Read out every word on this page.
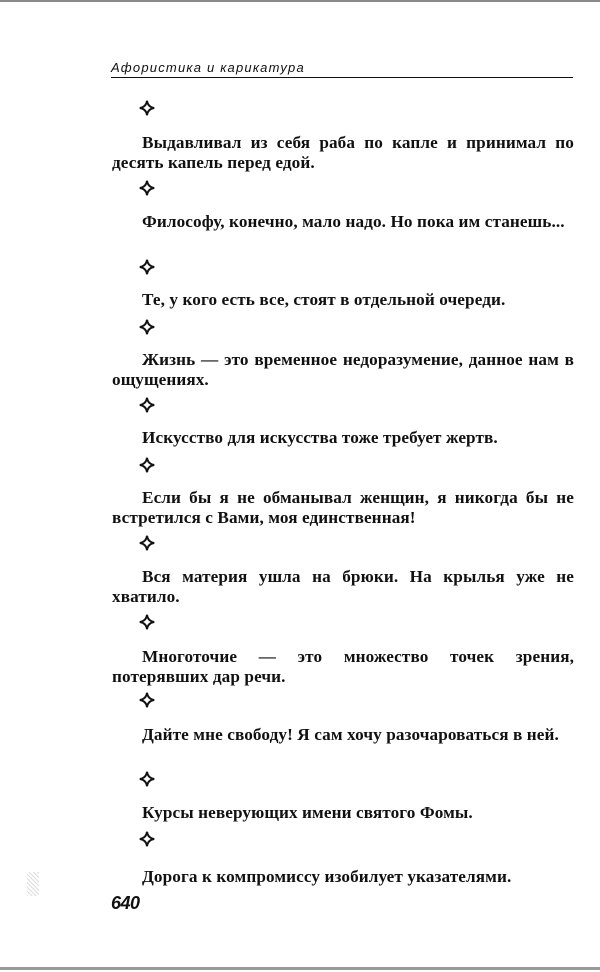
Афористика и карикатура
Выдавливал из себя раба по капле и принимал по десять капель перед едой.
Философу, конечно, мало надо. Но пока им станешь...
Те, у кого есть все, стоят в отдельной очереди.
Жизнь — это временное недоразумение, данное нам в ощущениях.
Искусство для искусства тоже требует жертв.
Если бы я не обманывал женщин, я никогда бы не встретился с Вами, моя единственная!
Вся материя ушла на брюки. На крылья уже не хватило.
Многоточие — это множество точек зрения, потерявших дар речи.
Дайте мне свободу! Я сам хочу разочароваться в ней.
Курсы неверующих имени святого Фомы.
Дорога к компромиссу изобилует указателями.
640
